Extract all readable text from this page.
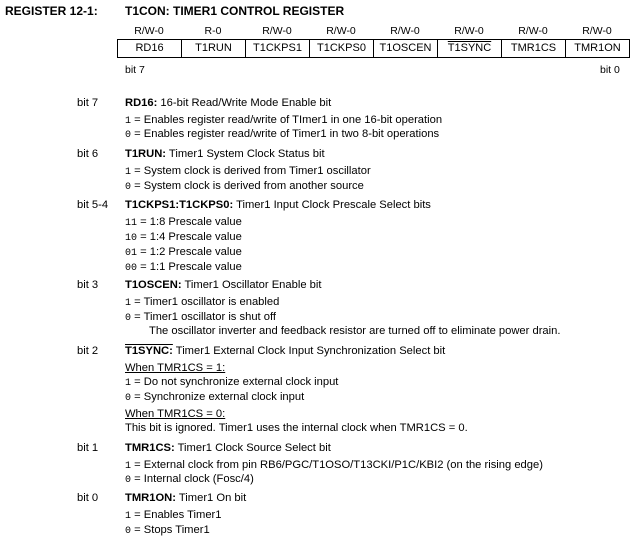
REGISTER 12-1: T1CON: TIMER1 CONTROL REGISTER
R/W-0	R-0	R/W-0	R/W-0	R/W-0	R/W-0	R/W-0	R/W-0
RD16	T1RUN	T1CKPS1	T1CKPS0	T1OSCEN	T1SYNC	TMR1CS	TMR1ON
bit 7	bit 0
bit 7 RD16: 16-bit Read/Write Mode Enable bit
1 = Enables register read/write of TImer1 in one 16-bit operation
0 = Enables register read/write of Timer1 in two 8-bit operations
bit 6 T1RUN: Timer1 System Clock Status bit
1 = System clock is derived from Timer1 oscillator
0 = System clock is derived from another source
bit 5-4 T1CKPS1:T1CKPS0: Timer1 Input Clock Prescale Select bits
11 = 1:8 Prescale value
10 = 1:4 Prescale value
01 = 1:2 Prescale value
00 = 1:1 Prescale value
bit 3 T1OSCEN: Timer1 Oscillator Enable bit
1 = Timer1 oscillator is enabled
0 = Timer1 oscillator is shut off
The oscillator inverter and feedback resistor are turned off to eliminate power drain.
bit 2 T1SYNC: Timer1 External Clock Input Synchronization Select bit
When TMR1CS = 1:
1 = Do not synchronize external clock input
0 = Synchronize external clock input
When TMR1CS = 0:
This bit is ignored. Timer1 uses the internal clock when TMR1CS = 0.
bit 1 TMR1CS: Timer1 Clock Source Select bit
1 = External clock from pin RB6/PGC/T1OSO/T13CKI/P1C/KBI2 (on the rising edge)
0 = Internal clock (Fosc/4)
bit 0 TMR1ON: Timer1 On bit
1 = Enables Timer1
0 = Stops Timer1
